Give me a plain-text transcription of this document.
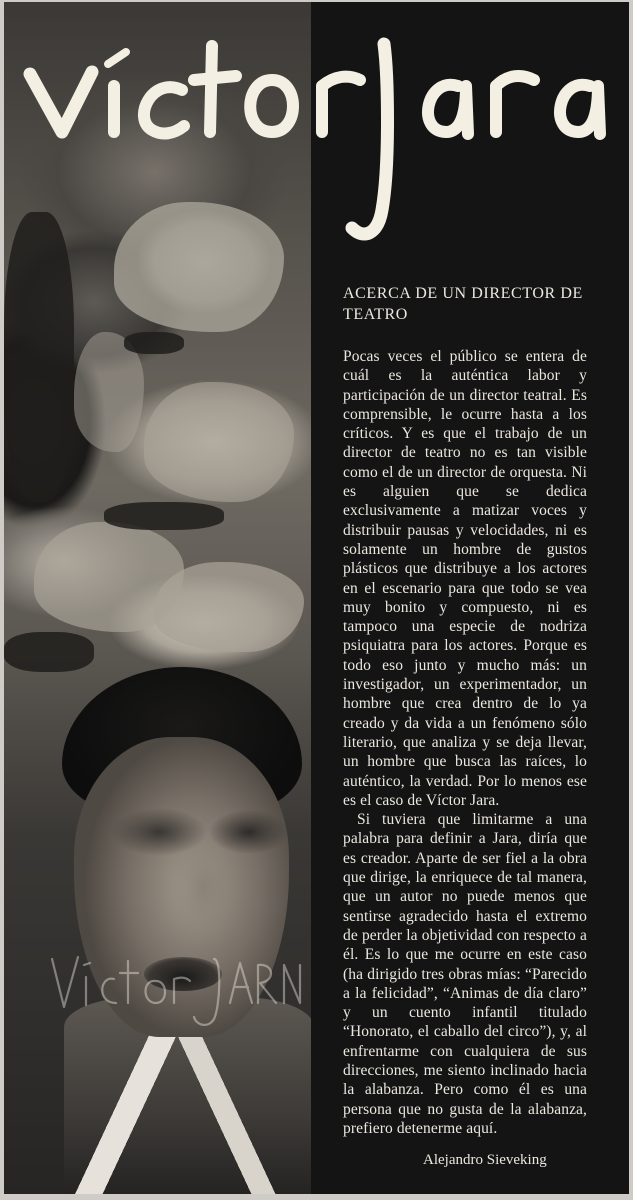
ACERCA DE UN DIRECTOR DE TEATRO

Pocas veces el público se entera de cuál es la auténtica labor y participación de un director teatral. Es comprensible, le ocurre hasta a los críticos. Y es que el trabajo de un director de teatro no es tan visible como el de un director de orquesta. Ni es alguien que se dedica exclusivamente a matizar voces y distribuir pausas y velocidades, ni es solamente un hombre de gustos plásticos que distribuye a los actores en el escenario para que todo se vea muy bonito y compuesto, ni es tampoco una especie de nodriza psiquiatra para los actores. Porque es todo eso junto y mucho más: un investigador, un experimentador, un hombre que crea dentro de lo ya creado y da vida a un fenómeno sólo literario, que analiza y se deja llevar, un hombre que busca las raíces, lo auténtico, la verdad. Por lo menos ese es el caso de Víctor Jara.

Si tuviera que limitarme a una palabra para definir a Jara, diría que es creador. Aparte de ser fiel a la obra que dirige, la enriquece de tal manera, que un autor no puede menos que sentirse agradecido hasta el extremo de perder la objetividad con respecto a él. Es lo que me ocurre en este caso (ha dirigido tres obras mías: “Parecido a la felicidad”, “Animas de día claro” y un cuento infantil titulado “Honorato, el caballo del circo”), y, al enfrentarme con cualquiera de sus direcciones, me siento inclinado hacia la alabanza. Pero como él es una persona que no gusta de la alabanza, prefiero detenerme aquí.

Alejandro Sieveking
